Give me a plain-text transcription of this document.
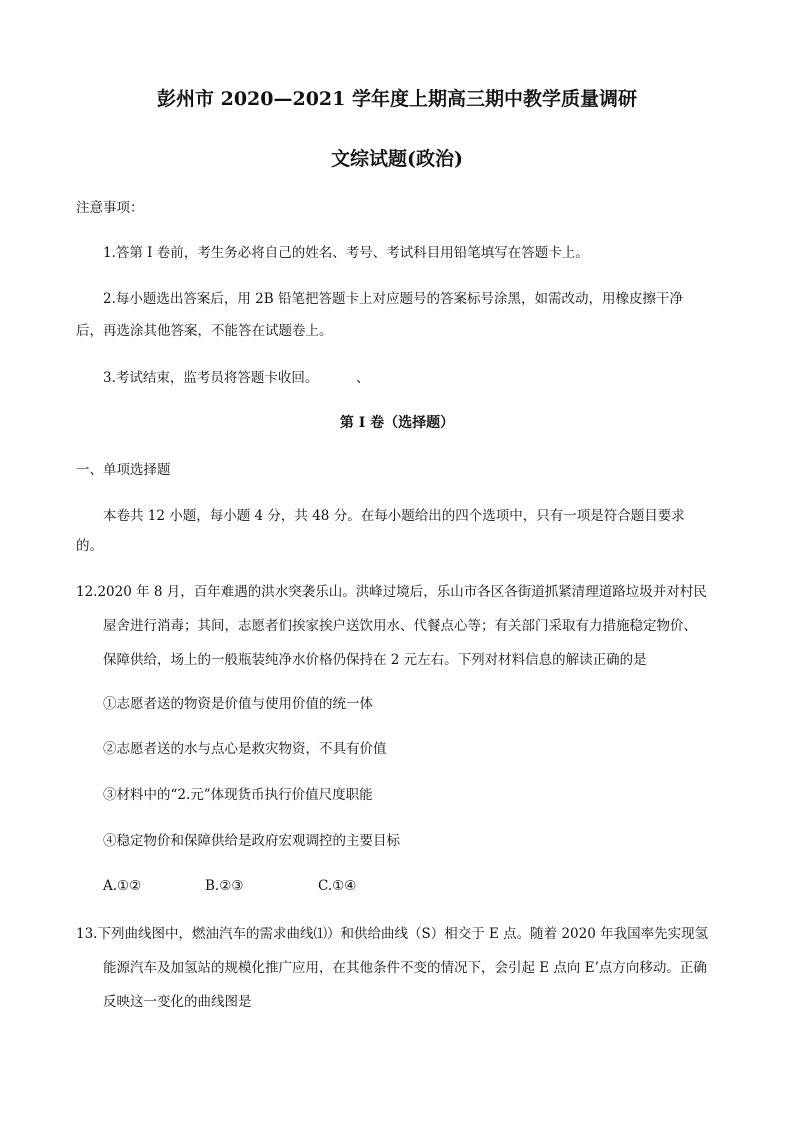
彭州市 2020—2021 学年度上期高三期中教学质量调研
文综试题(政治)
注意事项：
1.答第 I 卷前，考生务必将自己的姓名、考号、考试科目用铅笔填写在答题卡上。
2.每小题选出答案后，用 2B 铅笔把答题卡上对应题号的答案标号涂黑，如需改动，用橡皮擦干净
后，再选涂其他答案，不能答在试题卷上。
3.考试结束，监考员将答题卡收回。	、
第 I 卷（选择题）
一、单项选择题
本卷共 12 小题，每小题 4 分，共 48 分。在每小题给出的四个选项中，只有一项是符合题目要求
的。
12.2020 年 8 月，百年难遇的洪水突袭乐山。洪峰过境后，乐山市各区各街道抓紧清理道路垃圾并对村民
屋舍进行消毒；其间，志愿者们挨家挨户送饮用水、代餐点心等；有关部门采取有力措施稳定物价、
保障供给，场上的一般瓶装纯净水价格仍保持在 2 元左右。下列对材料信息的解读正确的是
①志愿者送的物资是价值与使用价值的统一体
②志愿者送的水与点心是救灾物资，不具有价值
③材料中的“2.元”体现货币执行价值尺度职能
④稳定物价和保障供给是政府宏观调控的主要目标
A.①②	B.②③	C.①④
13.下列曲线图中，燃油汽车的需求曲线⑴）和供给曲线（S）相交于 E 点。随着 2020 年我国率先实现氢
能源汽车及加氢站的规模化推广应用，在其他条件不变的情况下，会引起 E 点向 E’点方向移动。正确
反映这一变化的曲线图是
